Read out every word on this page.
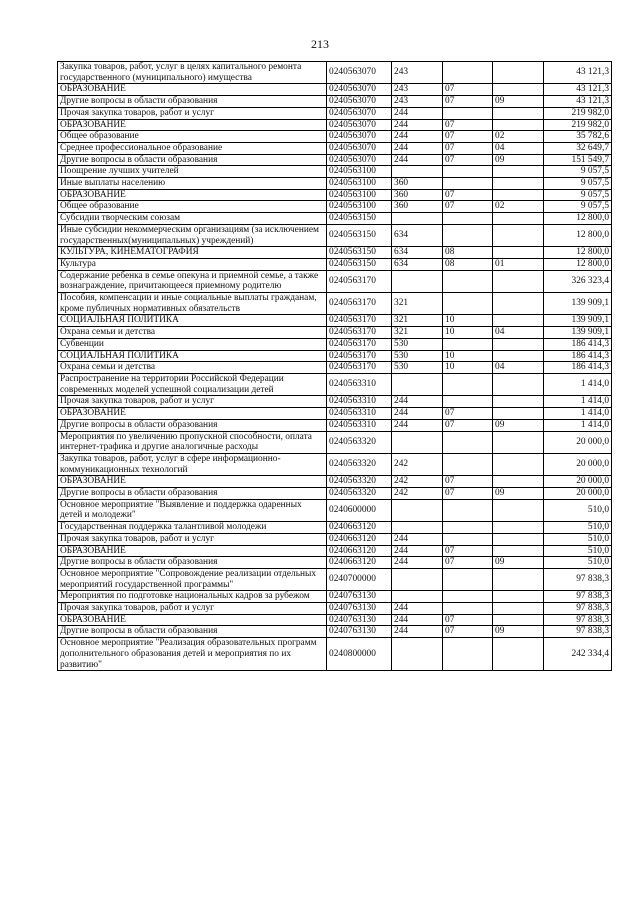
213
Закупка товаров, работ, услуг в целях капитального ремонта государственного (муниципального) имущества	0240563070	243			43 121,3
ОБРАЗОВАНИЕ	0240563070	243	07		43 121,3
Другие вопросы в области образования	0240563070	243	07	09	43 121,3
Прочая закупка товаров, работ и услуг	0240563070	244			219 982,0
ОБРАЗОВАНИЕ	0240563070	244	07		219 982,0
Общее образование	0240563070	244	07	02	35 782,6
Среднее профессиональное образование	0240563070	244	07	04	32 649,7
Другие вопросы в области образования	0240563070	244	07	09	151 549,7
Поощрение лучших учителей	0240563100				9 057,5
Иные выплаты населению	0240563100	360			9 057,5
ОБРАЗОВАНИЕ	0240563100	360	07		9 057,5
Общее образование	0240563100	360	07	02	9 057,5
Субсидии творческим союзам	0240563150				12 800,0
Иные субсидии некоммерческим организациям (за исключением государственных(муниципальных) учреждений)	0240563150	634			12 800,0
КУЛЬТУРА, КИНЕМАТОГРАФИЯ	0240563150	634	08		12 800,0
Культура	0240563150	634	08	01	12 800,0
Содержание ребенка в семье опекуна и приемной семье, а также вознаграждение, причитающееся приемному родителю	0240563170				326 323,4
Пособия, компенсации и иные социальные выплаты гражданам, кроме публичных нормативных обязательств	0240563170	321			139 909,1
СОЦИАЛЬНАЯ ПОЛИТИКА	0240563170	321	10		139 909,1
Охрана семьи и детства	0240563170	321	10	04	139 909,1
Субвенции	0240563170	530			186 414,3
СОЦИАЛЬНАЯ ПОЛИТИКА	0240563170	530	10		186 414,3
Охрана семьи и детства	0240563170	530	10	04	186 414,3
Распространение на территории Российской Федерации современных моделей успешной социализации детей	0240563310				1 414,0
Прочая закупка товаров, работ и услуг	0240563310	244			1 414,0
ОБРАЗОВАНИЕ	0240563310	244	07		1 414,0
Другие вопросы в области образования	0240563310	244	07	09	1 414,0
Мероприятия по увеличению пропускной способности, оплата интернет-трафика и другие аналогичные расходы	0240563320				20 000,0
Закупка товаров, работ, услуг в сфере информационно-коммуникационных технологий	0240563320	242			20 000,0
ОБРАЗОВАНИЕ	0240563320	242	07		20 000,0
Другие вопросы в области образования	0240563320	242	07	09	20 000,0
Основное мероприятие "Выявление и поддержка одаренных детей и молодежи"	0240600000				510,0
Государственная поддержка талантливой молодежи	0240663120				510,0
Прочая закупка товаров, работ и услуг	0240663120	244			510,0
ОБРАЗОВАНИЕ	0240663120	244	07		510,0
Другие вопросы в области образования	0240663120	244	07	09	510,0
Основное мероприятие "Сопровождение реализации отдельных мероприятий государственной программы"	0240700000				97 838,3
Мероприятия по подготовке национальных кадров за рубежом	0240763130				97 838,3
Прочая закупка товаров, работ и услуг	0240763130	244			97 838,3
ОБРАЗОВАНИЕ	0240763130	244	07		97 838,3
Другие вопросы в области образования	0240763130	244	07	09	97 838,3
Основное мероприятие "Реализация образовательных программ дополнительного образования детей и мероприятия по их развитию"	0240800000				242 334,4
